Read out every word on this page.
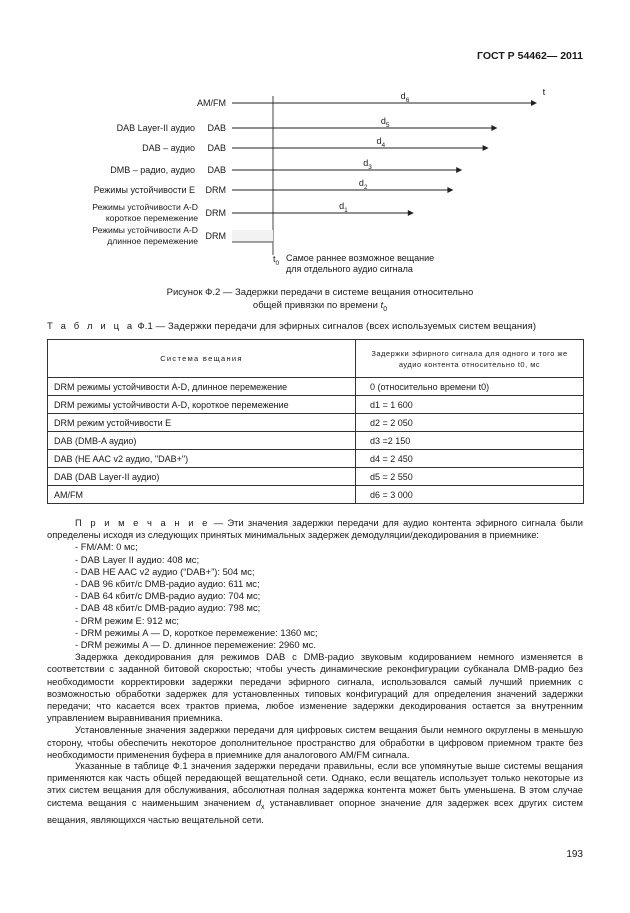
ГОСТ Р 54462— 2011
AM/FM
$d_6$
DAB Layer-II аудио DAB
$d_5$
DAB – аудио DAB
$d_4$
DMB – радио, аудио DAB
$d_3$
Режимы устойчивости E DRM
$d_2$
Режимы устойчивости A-D
короткое перемежение DRM
$d_1$
Режимы устойчивости A-D
длинное перемежение DRM
t
$t_0$
Самое раннее возможное вещание
для отдельного аудио сигнала
Рисунок Ф.2 — Задержки передачи в системе вещания относительно
общей привязки по времени $t_0$
Т а б л и ц а Ф.1 — Задержки передачи для эфирных сигналов (всех используемых систем вещания)
Система вещания	Задержки эфирного сигнала для одного и того же
аудио контента относительно t0, мс

DRM режимы устойчивости A-D, длинное перемежение	0 (относительно времени t0)
DRM режимы устойчивости A-D, короткое перемежение	d1 = 1 600
DRM режим устойчивости E	d2 = 2 050
DAB (DMB-A аудио)	d3 =2 150
DAB (HE AAC v2 аудио, "DAB+")	d4 = 2 450
DAB (DAB Layer-II аудио)	d5 = 2 550
AM/FM	d6 = 3 000

П р и м е ч а н и е — Эти значения задержки передачи для аудио контента эфирного сигнала были определены исходя из следующих принятых минимальных задержек демодуляции/декодирования в приемнике:

- FM/AM: 0 мс;
- DAB Layer II аудио: 408 мс;
- DAB HE AAC v2 аудио (“DAB+”): 504 мс;
- DAB 96 кбит/с DMB-радио аудио: 611 мс;
- DAB 64 кбит/с DMB-радио аудио: 704 мс;
- DAB 48 кбит/с DMB-радио аудио: 798 мс;
- DRM режим E: 912 мс;
- DRM режимы A — D, короткое перемежение: 1360 мс;
- DRM режимы A — D. длинное перемежение: 2960 мс.

Задержка декодирования для режимов DAB с DMB-радио звуковым кодированием немного изменяется в соответствии с заданной битовой скоростью; чтобы учесть динамические реконфигурации субканала DMB-радио без необходимости корректировки задержки передачи эфирного сигнала, использовался самый лучший приемник с возможностью обработки задержек для установленных типовых конфигураций для определения значений задержки передачи; что касается всех трактов приема, любое изменение задержки декодирования остается за внутренним управлением выравнивания приемника.

Установленные значения задержки передачи для цифровых систем вещания были немного округлены в меньшую сторону, чтобы обеспечить некоторое дополнительное пространство для обработки в цифровом приемном тракте без необходимости применения буфера в приемнике для аналогового AM/FM сигнала.

Указанные в таблице Ф.1 значения задержки передачи правильны, если все упомянутые выше системы вещания применяются как часть общей передающей вещательной сети. Однако, если вещатель использует только некоторые из этих систем вещания для обслуживания, абсолютная полная задержка контента может быть уменьшена. В этом случае система вещания с наименьшим значением $d_x$ устанавливает опорное значение для задержек всех других систем вещания, являющихся частью вещательной сети.

193
